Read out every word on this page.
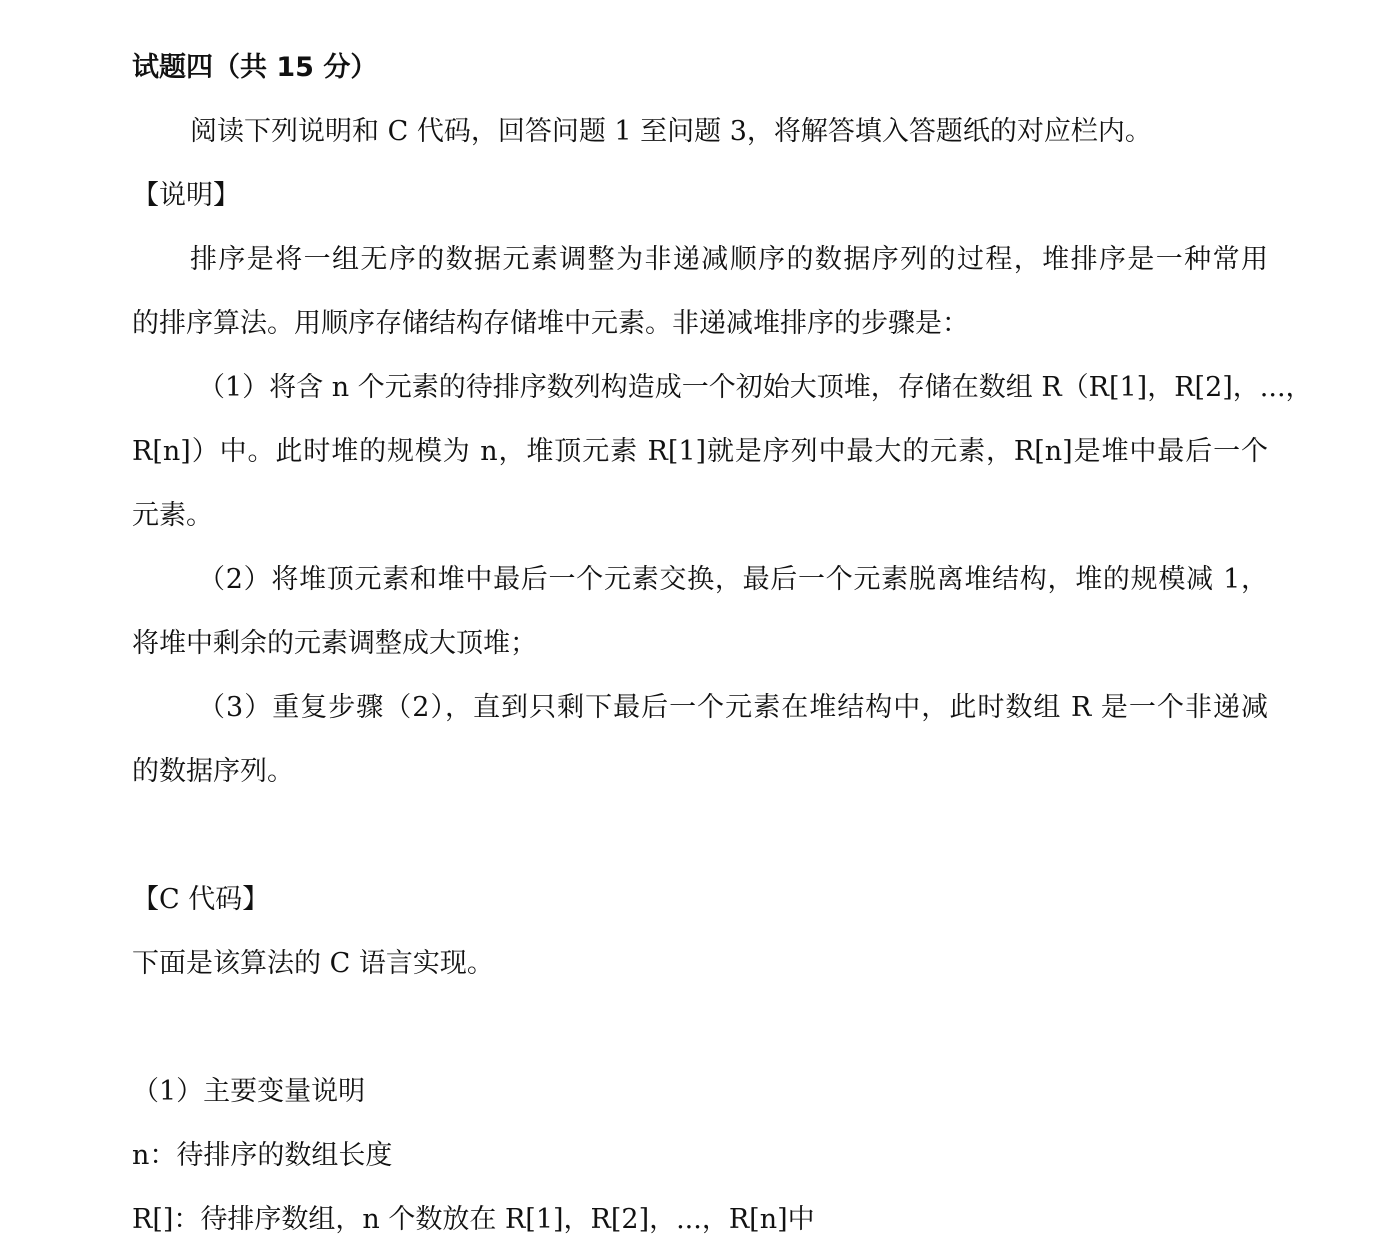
试题四（共 15 分）
阅读下列说明和 C 代码，回答问题 1 至问题 3，将解答填入答题纸的对应栏内。
【说明】
排序是将一组无序的数据元素调整为非递减顺序的数据序列的过程，堆排序是一种常用
的排序算法。用顺序存储结构存储堆中元素。非递减堆排序的步骤是：
（1）将含 n 个元素的待排序数列构造成一个初始大顶堆，存储在数组 R（R[1]，R[2]，...，
R[n]）中。此时堆的规模为 n，堆顶元素 R[1]就是序列中最大的元素，R[n]是堆中最后一个
元素。
（2）将堆顶元素和堆中最后一个元素交换，最后一个元素脱离堆结构，堆的规模减 1，
将堆中剩余的元素调整成大顶堆；
（3）重复步骤（2），直到只剩下最后一个元素在堆结构中，此时数组 R 是一个非递减
的数据序列。
【C 代码】
下面是该算法的 C 语言实现。
（1）主要变量说明
n：待排序的数组长度
R[]：待排序数组，n 个数放在 R[1]，R[2]，...，R[n]中
